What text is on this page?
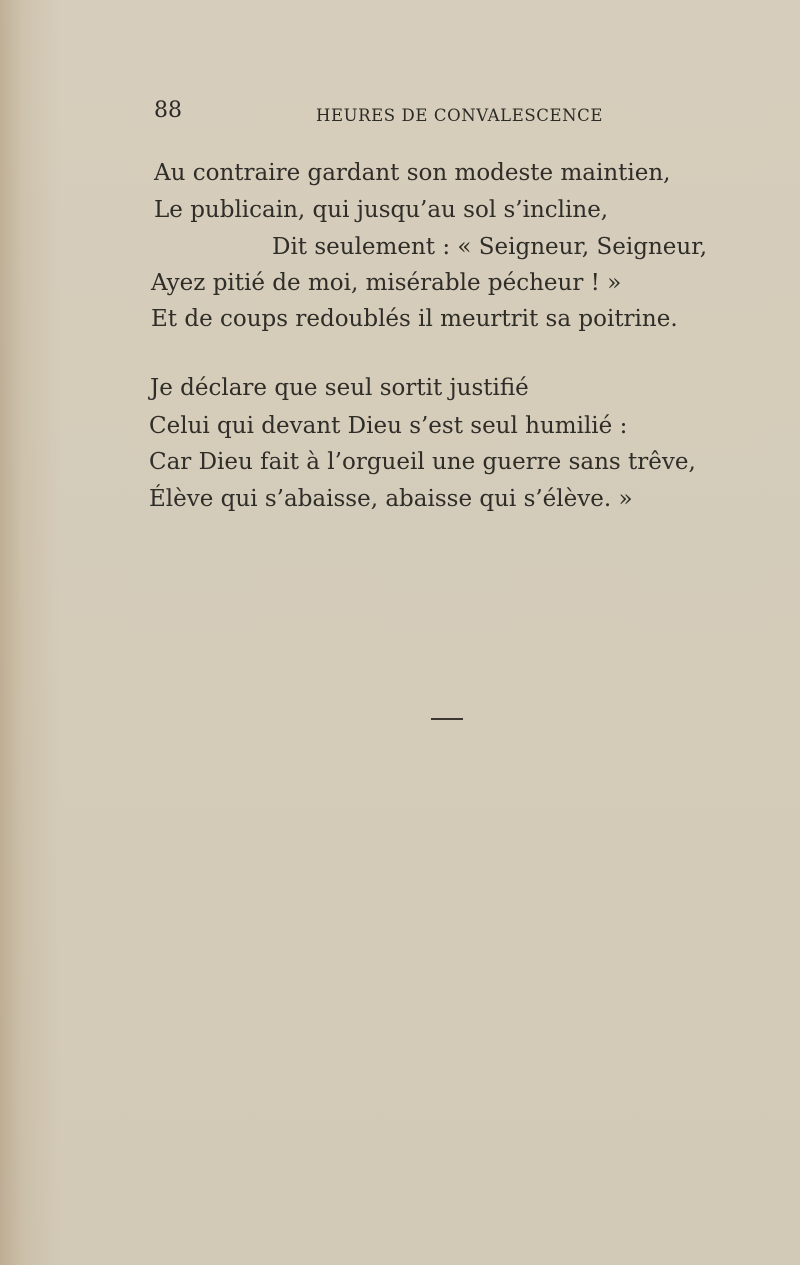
88	HEURES DE CONVALESCENCE
Au contraire gardant son modeste maintien,
Le publicain, qui jusqu’au sol s’incline,
Dit seulement : « Seigneur, Seigneur,
Ayez pitié de moi, misérable pécheur ! »
Et de coups redoublés il meurtrit sa poitrine.
Je déclare que seul sortit justifié
Celui qui devant Dieu s’est seul humilié :
Car Dieu fait à l’orgueil une guerre sans trêve,
Élève qui s’abaisse, abaisse qui s’élève. »
